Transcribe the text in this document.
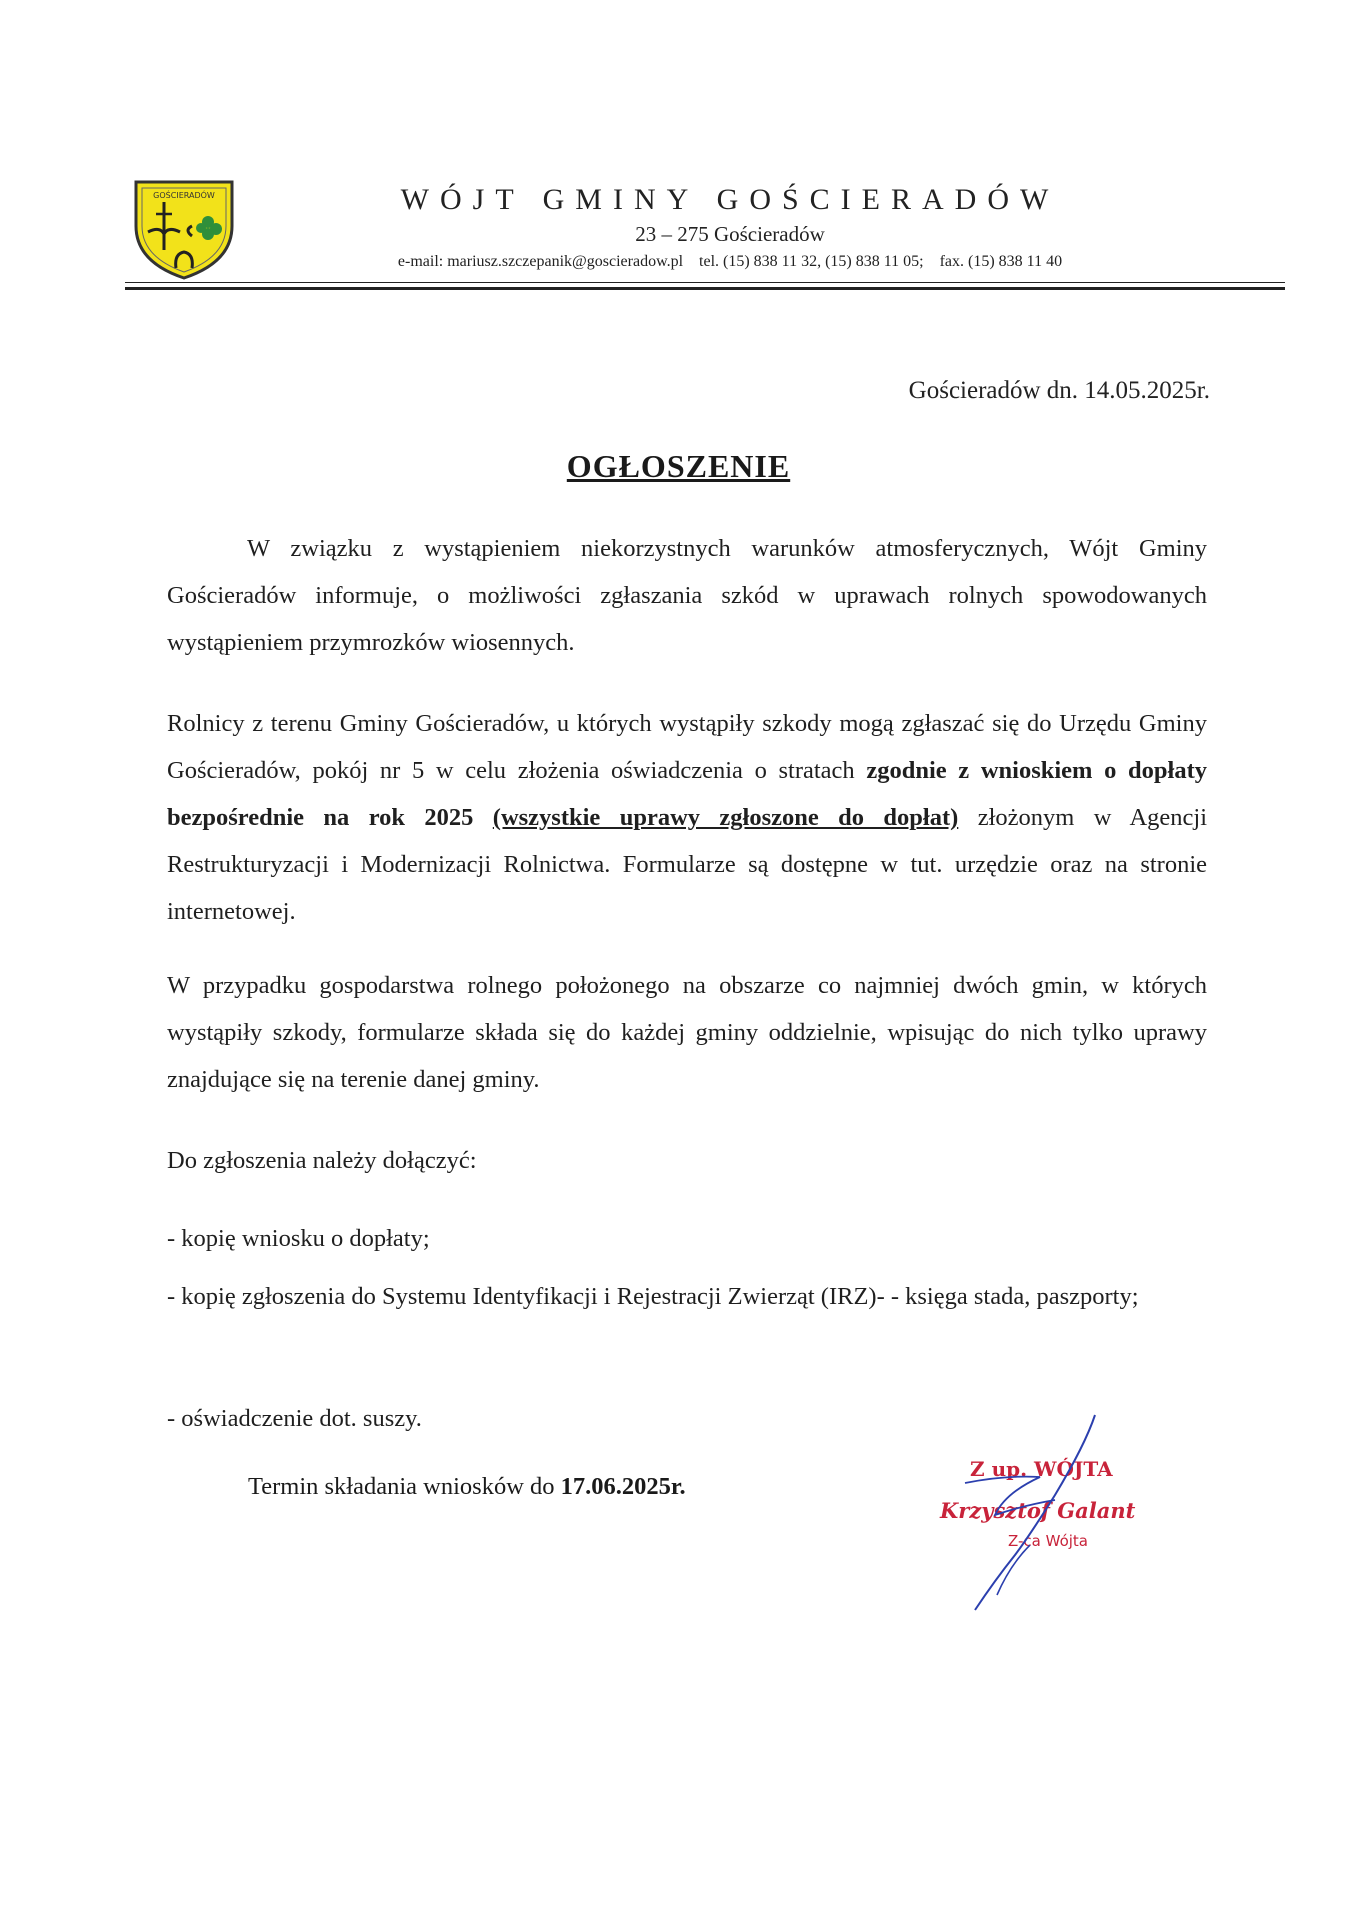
GOŚCIERADÓW	WÓJT GMINY GOŚCIERADÓW
23 – 275 Gościeradów
e-mail: mariusz.szczepanik@goscieradow.pl tel. (15) 838 11 32, (15) 838 11 05; fax. (15) 838 11 40
Gościeradów dn. 14.05.2025r.
OGŁOSZENIE
W związku z wystąpieniem niekorzystnych warunków atmosferycznych, Wójt Gminy Gościeradów informuje, o możliwości zgłaszania szkód w uprawach rolnych spowodowanych wystąpieniem przymrozków wiosennych.
Rolnicy z terenu Gminy Gościeradów, u których wystąpiły szkody mogą zgłaszać się do Urzędu Gminy Gościeradów, pokój nr 5 w celu złożenia oświadczenia o stratach zgodnie z wnioskiem o dopłaty bezpośrednie na rok 2025 (wszystkie uprawy zgłoszone do dopłat) złożonym w Agencji Restrukturyzacji i Modernizacji Rolnictwa. Formularze są dostępne w tut. urzędzie oraz na stronie internetowej.
W przypadku gospodarstwa rolnego położonego na obszarze co najmniej dwóch gmin, w których wystąpiły szkody, formularze składa się do każdej gminy oddzielnie, wpisując do nich tylko uprawy znajdujące się na terenie danej gminy.
Do zgłoszenia należy dołączyć:
- kopię wniosku o dopłaty;
- kopię zgłoszenia do Systemu Identyfikacji i Rejestracji Zwierząt (IRZ)- - księga stada, paszporty;
- oświadczenie dot. suszy.
Termin składania wniosków do 17.06.2025r.
Z up. WÓJTA
Krzysztof Galant
Z-ca Wójta
